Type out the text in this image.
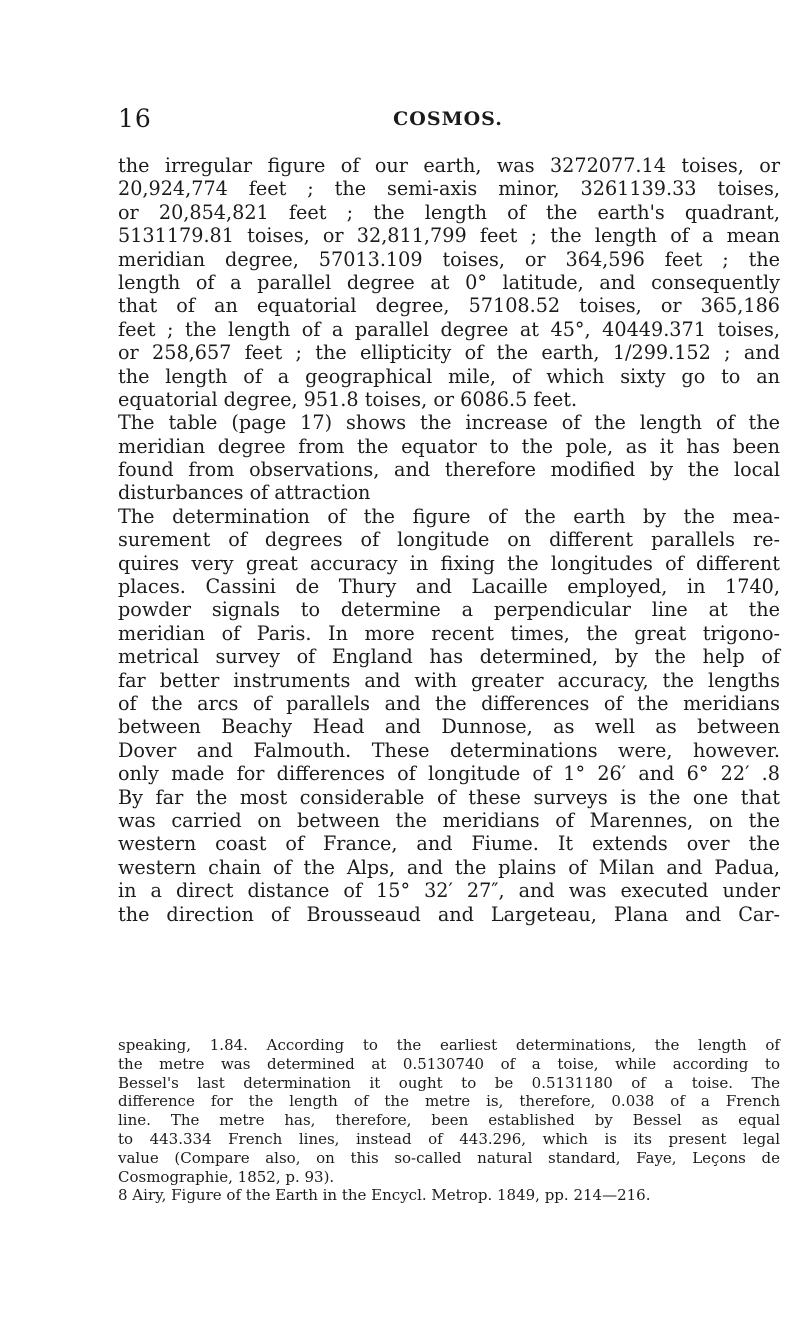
16	COSMOS.
the irregular figure of our earth, was 3272077.14 toises, or
20,924,774 feet ; the semi-axis minor, 3261139.33 toises,
or 20,854,821 feet ; the length of the earth's quadrant,
5131179.81 toises, or 32,811,799 feet ; the length of a mean
meridian degree, 57013.109 toises, or 364,596 feet ; the
length of a parallel degree at 0° latitude, and consequently
that of an equatorial degree, 57108.52 toises, or 365,186
feet ; the length of a parallel degree at 45°, 40449.371 toises,
or 258,657 feet ; the ellipticity of the earth, 1/299.152 ; and
the length of a geographical mile, of which sixty go to an
equatorial degree, 951.8 toises, or 6086.5 feet.
The table (page 17) shows the increase of the length of the
meridian degree from the equator to the pole, as it has been
found from observations, and therefore modified by the local
disturbances of attraction
The determination of the figure of the earth by the mea-
surement of degrees of longitude on different parallels re-
quires very great accuracy in fixing the longitudes of different
places. Cassini de Thury and Lacaille employed, in 1740,
powder signals to determine a perpendicular line at the
meridian of Paris. In more recent times, the great trigono-
metrical survey of England has determined, by the help of
far better instruments and with greater accuracy, the lengths
of the arcs of parallels and the differences of the meridians
between Beachy Head and Dunnose, as well as between
Dover and Falmouth. These determinations were, however.
only made for differences of longitude of 1° 26′ and 6° 22′ .8
By far the most considerable of these surveys is the one that
was carried on between the meridians of Marennes, on the
western coast of France, and Fiume. It extends over the
western chain of the Alps, and the plains of Milan and Padua,
in a direct distance of 15° 32′ 27″, and was executed under
the direction of Brousseaud and Largeteau, Plana and Car-
speaking, 1.84. According to the earliest determinations, the length of
the metre was determined at 0.5130740 of a toise, while according to
Bessel's last determination it ought to be 0.5131180 of a toise. The
difference for the length of the metre is, therefore, 0.038 of a French
line. The metre has, therefore, been established by Bessel as equal
to 443.334 French lines, instead of 443.296, which is its present legal
value (Compare also, on this so-called natural standard, Faye, Leçons de
Cosmographie, 1852, p. 93).
8 Airy, Figure of the Earth in the Encycl. Metrop. 1849, pp. 214—216.
